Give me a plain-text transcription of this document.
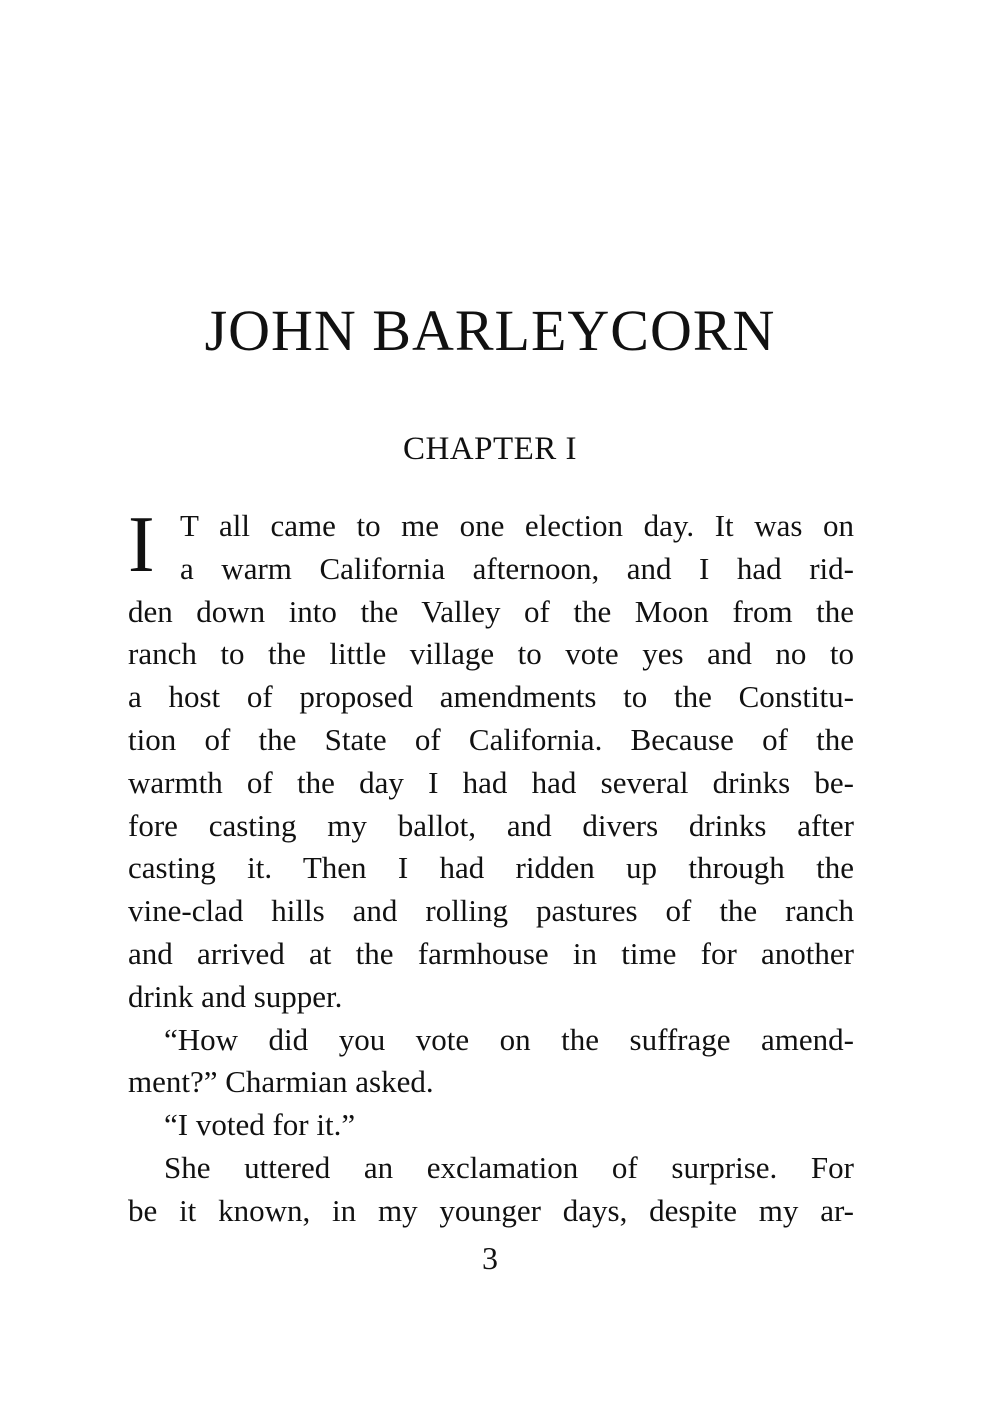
JOHN BARLEYCORN
CHAPTER I
I T all came to me one election day. It was on
a warm California afternoon, and I had rid-
den down into the Valley of the Moon from the
ranch to the little village to vote yes and no to
a host of proposed amendments to the Constitu-
tion of the State of California. Because of the
warmth of the day I had had several drinks be-
fore casting my ballot, and divers drinks after
casting it. Then I had ridden up through the
vine-clad hills and rolling pastures of the ranch
and arrived at the farmhouse in time for another
drink and supper.
“How did you vote on the suffrage amend-
ment?” Charmian asked.
“I voted for it.”
She uttered an exclamation of surprise. For
be it known, in my younger days, despite my ar-
3
